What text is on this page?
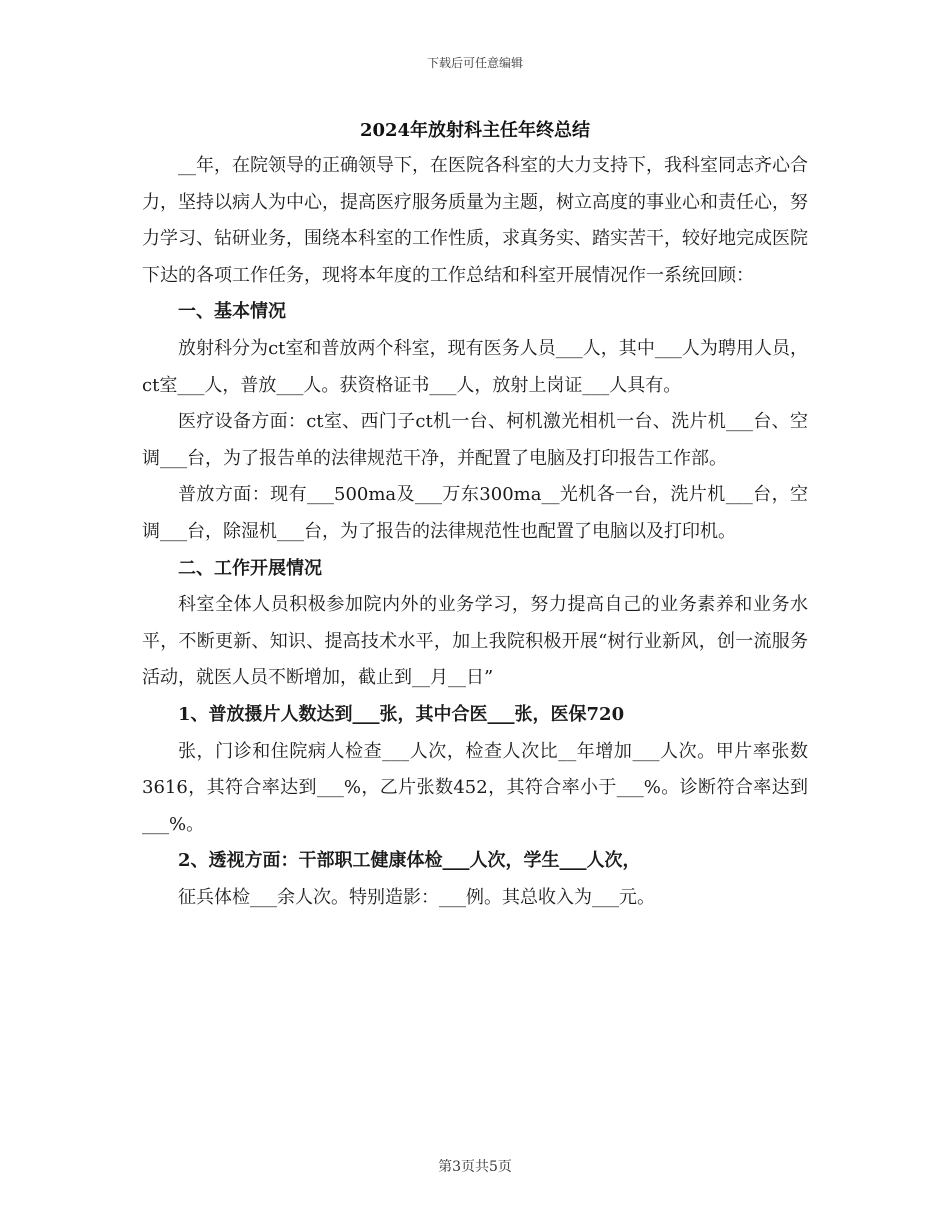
下载后可任意编辑
2024年放射科主任年终总结

__年，在院领导的正确领导下，在医院各科室的大力支持下，我科室同志齐心合力，坚持以病人为中心，提高医疗服务质量为主题，树立高度的事业心和责任心，努力学习、钻研业务，围绕本科室的工作性质，求真务实、踏实苦干，较好地完成医院下达的各项工作任务，现将本年度的工作总结和科室开展情况作一系统回顾：

一、基本情况

放射科分为ct室和普放两个科室，现有医务人员___人，其中___人为聘用人员，ct室___人，普放___人。获资格证书___人，放射上岗证___人具有。

医疗设备方面：ct室、西门子ct机一台、柯机激光相机一台、洗片机___台、空调___台，为了报告单的法律规范干净，并配置了电脑及打印报告工作部。

普放方面：现有___500ma及___万东300ma__光机各一台，洗片机___台，空调___台，除湿机___台，为了报告的法律规范性也配置了电脑以及打印机。

二、工作开展情况

科室全体人员积极参加院内外的业务学习，努力提高自己的业务素养和业务水平，不断更新、知识、提高技术水平，加上我院积极开展“树行业新风，创一流服务活动，就医人员不断增加，截止到__月__日”

1、普放摄片人数达到___张，其中合医___张，医保720

张，门诊和住院病人检查___人次，检查人次比__年增加___人次。甲片率张数3616，其符合率达到___%，乙片张数452，其符合率小于___%。诊断符合率达到___%。

2、透视方面：干部职工健康体检___人次，学生___人次，

征兵体检___余人次。特别造影：___例。其总收入为___元。

第3页共5页
